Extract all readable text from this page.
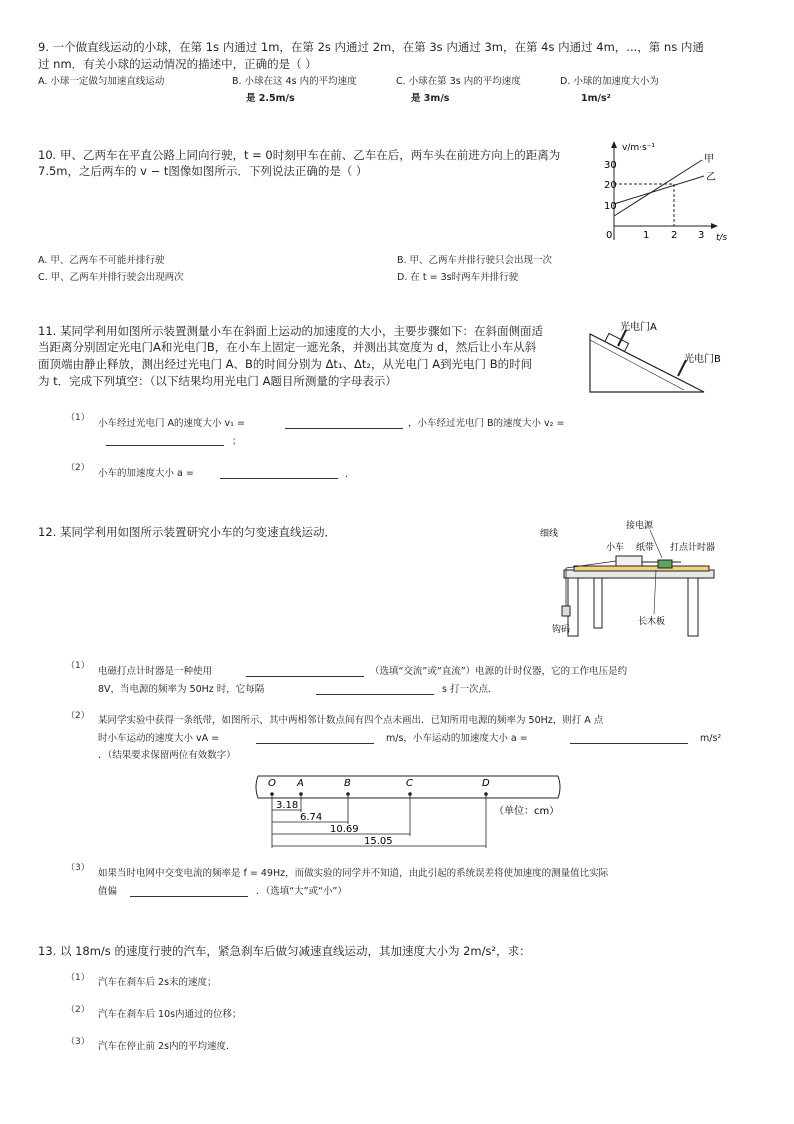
9. 一个做直线运动的小球，在第 1s 内通过 1m，在第 2s 内通过 2m，在第 3s 内通过 3m，在第 4s 内通过 4m，...，第 ns 内通
过 nm．有关小球的运动情况的描述中，正确的是（ ）
A. 小球一定做匀加速直线运动	B. 小球在这 4s 内的平均速度
是 2.5m/s
C. 小球在第 3s 内的平均速度
是 3m/s
D. 小球的加速度大小为
1m/s²
10. 甲、乙两车在平直公路上同向行驶，t = 0时刻甲车在前、乙车在后，两车头在前进方向上的距离为
7.5m，之后两车的 v − t图像如图所示．下列说法正确的是（ ）
A. 甲、乙两车不可能并排行驶	B. 甲、乙两车并排行驶只会出现一次
C. 甲、乙两车并排行驶会出现两次	D. 在 t = 3s时两车并排行驶
v/m·s⁻¹
t/s
30
20
10
0	1 2 3
甲
乙
11. 某同学利用如图所示装置测量小车在斜面上运动的加速度的大小，主要步骤如下：在斜面侧面适
当距离分别固定光电门A和光电门B，在小车上固定一遮光条，并测出其宽度为 d，然后让小车从斜
面顶端由静止释放，测出经过光电门 A、B的时间分别为 Δt₁、Δt₂，从光电门 A到光电门 B的时间
为 t．完成下列填空：（以下结果均用光电门 A题目所测量的字母表示）
光电门A
光电门B
（1） 小车经过光电门 A的速度大小 v₁ =	，小车经过光电门 B的速度大小 v₂ =
；
（2） 小车的加速度大小 a =	．
12. 某同学利用如图所示装置研究小车的匀变速直线运动．	接电源
细线
小车 纸带 打点计时器
钩码
长木板
（1） 电磁打点计时器是一种使用	（选填“交流”或“直流”）电源的计时仪器，它的工作电压是约
8V，当电源的频率为 50Hz 时，它每隔	s 打一次点．
（2） 某同学实验中获得一条纸带，如图所示，其中两相邻计数点间有四个点未画出．已知所用电源的频率为 50Hz，则打 A 点
时小车运动的速度大小 vA =	m/s，小车运动的加速度大小 a =	m/s²
．（结果要求保留两位有效数字）
O A	B	C	D
3.18
6.74
10.69
15.05
（单位：cm）
（3） 如果当时电网中交变电流的频率是 f = 49Hz，而做实验的同学并不知道，由此引起的系统误差将使加速度的测量值比实际
值偏	．（选填“大”或“小”）
13. 以 18m/s 的速度行驶的汽车，紧急刹车后做匀减速直线运动，其加速度大小为 2m/s²，求：
（1） 汽车在刹车后 2s末的速度；
（2） 汽车在刹车后 10s内通过的位移；
（3） 汽车在停止前 2s内的平均速度．
